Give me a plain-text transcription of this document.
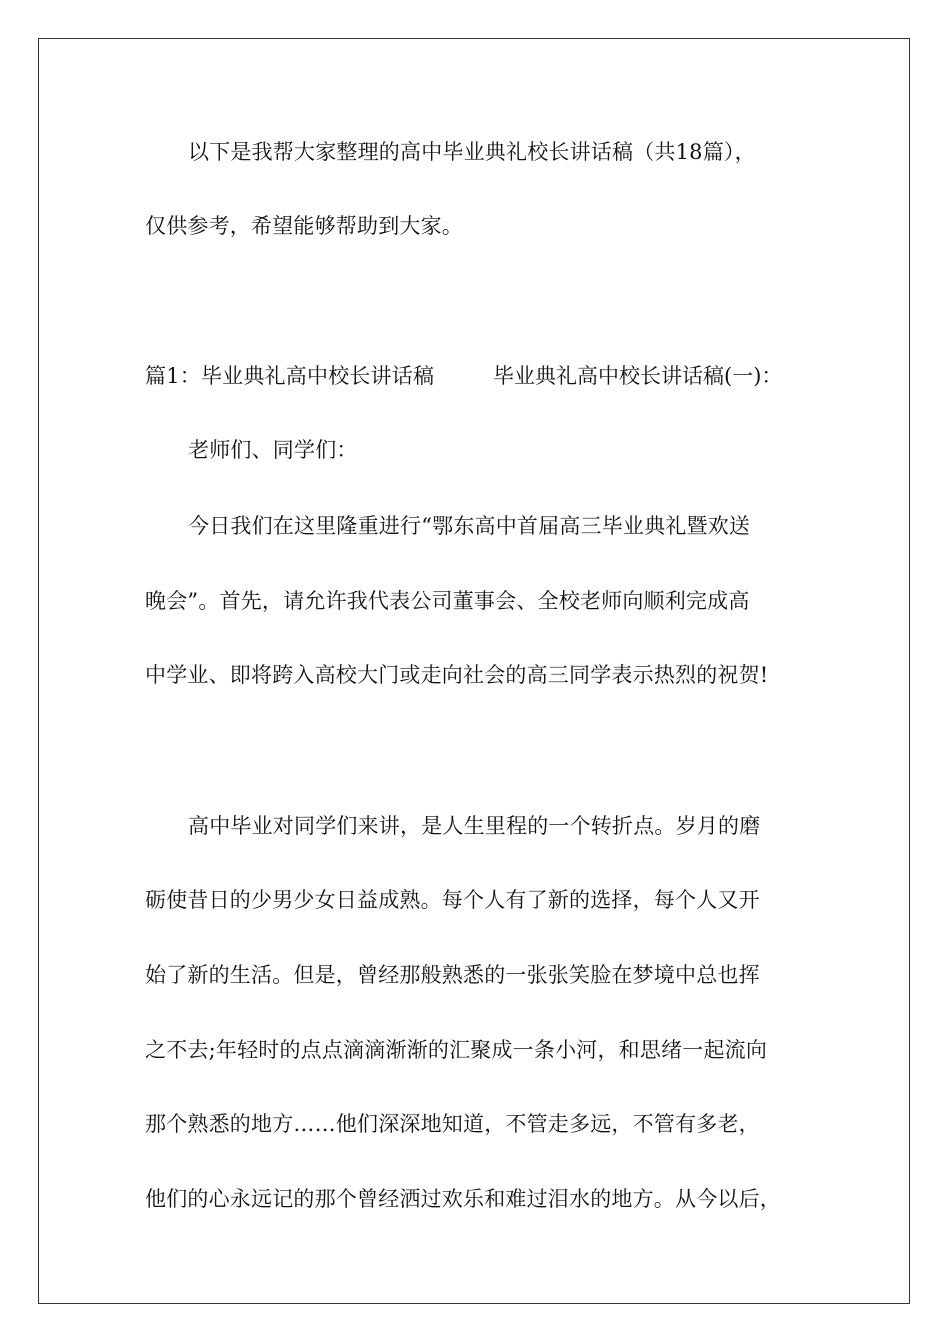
以下是我帮大家整理的高中毕业典礼校长讲话稿（共18篇），
仅供参考，希望能够帮助到大家。
篇1：毕业典礼高中校长讲话稿	毕业典礼高中校长讲话稿(一)：
老师们、同学们：
今日我们在这里隆重进行“鄂东高中首届高三毕业典礼暨欢送
晚会”。首先，请允许我代表公司董事会、全校老师向顺利完成高
中学业、即将跨入高校大门或走向社会的高三同学表示热烈的祝贺!
高中毕业对同学们来讲，是人生里程的一个转折点。岁月的磨
砺使昔日的少男少女日益成熟。每个人有了新的选择，每个人又开
始了新的生活。但是，曾经那般熟悉的一张张笑脸在梦境中总也挥
之不去;年轻时的点点滴滴渐渐的汇聚成一条小河，和思绪一起流向
那个熟悉的地方……他们深深地知道，不管走多远，不管有多老，
他们的心永远记的那个曾经洒过欢乐和难过泪水的地方。从今以后，
